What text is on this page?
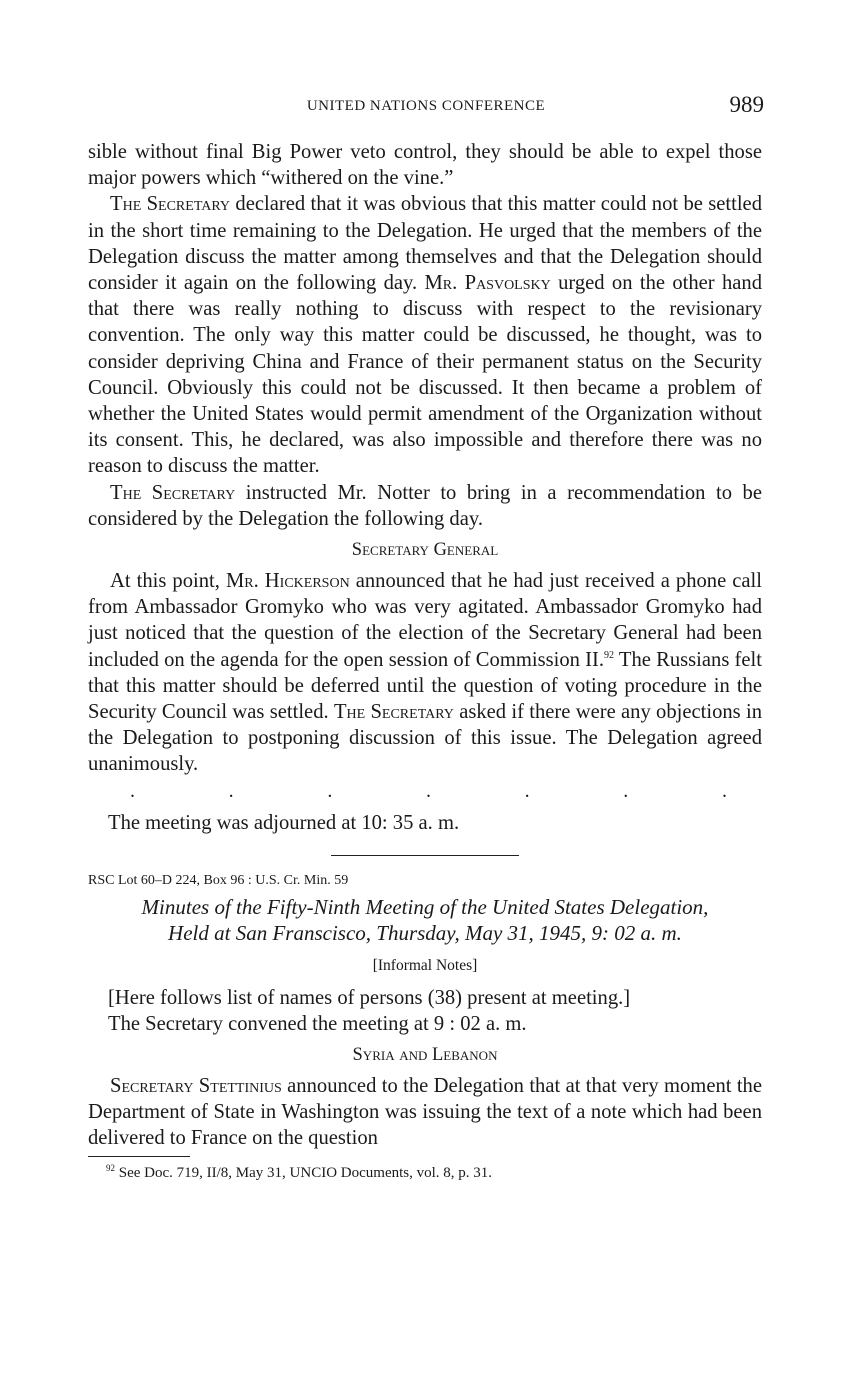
UNITED NATIONS CONFERENCE	989

sible without final Big Power veto control, they should be able to expel those major powers which “withered on the vine.”

The Secretary declared that it was obvious that this matter could not be settled in the short time remaining to the Delegation. He urged that the members of the Delegation discuss the matter among themselves and that the Delegation should consider it again on the following day. Mr. Pasvolsky urged on the other hand that there was really nothing to discuss with respect to the revisionary convention. The only way this matter could be discussed, he thought, was to consider depriving China and France of their permanent status on the Security Council. Obviously this could not be discussed. It then became a problem of whether the United States would permit amendment of the Organization without its consent. This, he declared, was also impossible and therefore there was no reason to discuss the matter.

The Secretary instructed Mr. Notter to bring in a recommendation to be considered by the Delegation the following day.

Secretary General

At this point, Mr. Hickerson announced that he had just received a phone call from Ambassador Gromyko who was very agitated. Ambassador Gromyko had just noticed that the question of the election of the Secretary General had been included on the agenda for the open session of Commission II.$^{92}$ The Russians felt that this matter should be deferred until the question of voting procedure in the Security Council was settled. The Secretary asked if there were any objections in the Delegation to postponing discussion of this issue. The Delegation agreed unanimously.

.	.	.	.	.	.	.

The meeting was adjourned at 10: 35 a. m.

RSC Lot 60–D 224, Box 96 : U.S. Cr. Min. 59

Minutes of the Fifty-Ninth Meeting of the United States Delegation,

Held at San Franscisco, Thursday, May 31, 1945, 9: 02 a. m.

[Informal Notes]

[Here follows list of names of persons (38) present at meeting.]

The Secretary convened the meeting at 9 : 02 a. m.

Syria and Lebanon

Secretary Stettinius announced to the Delegation that at that very moment the Department of State in Washington was issuing the text of a note which had been delivered to France on the question

$^{92}$ See Doc. 719, II/8, May 31, UNCIO Documents, vol. 8, p. 31.
